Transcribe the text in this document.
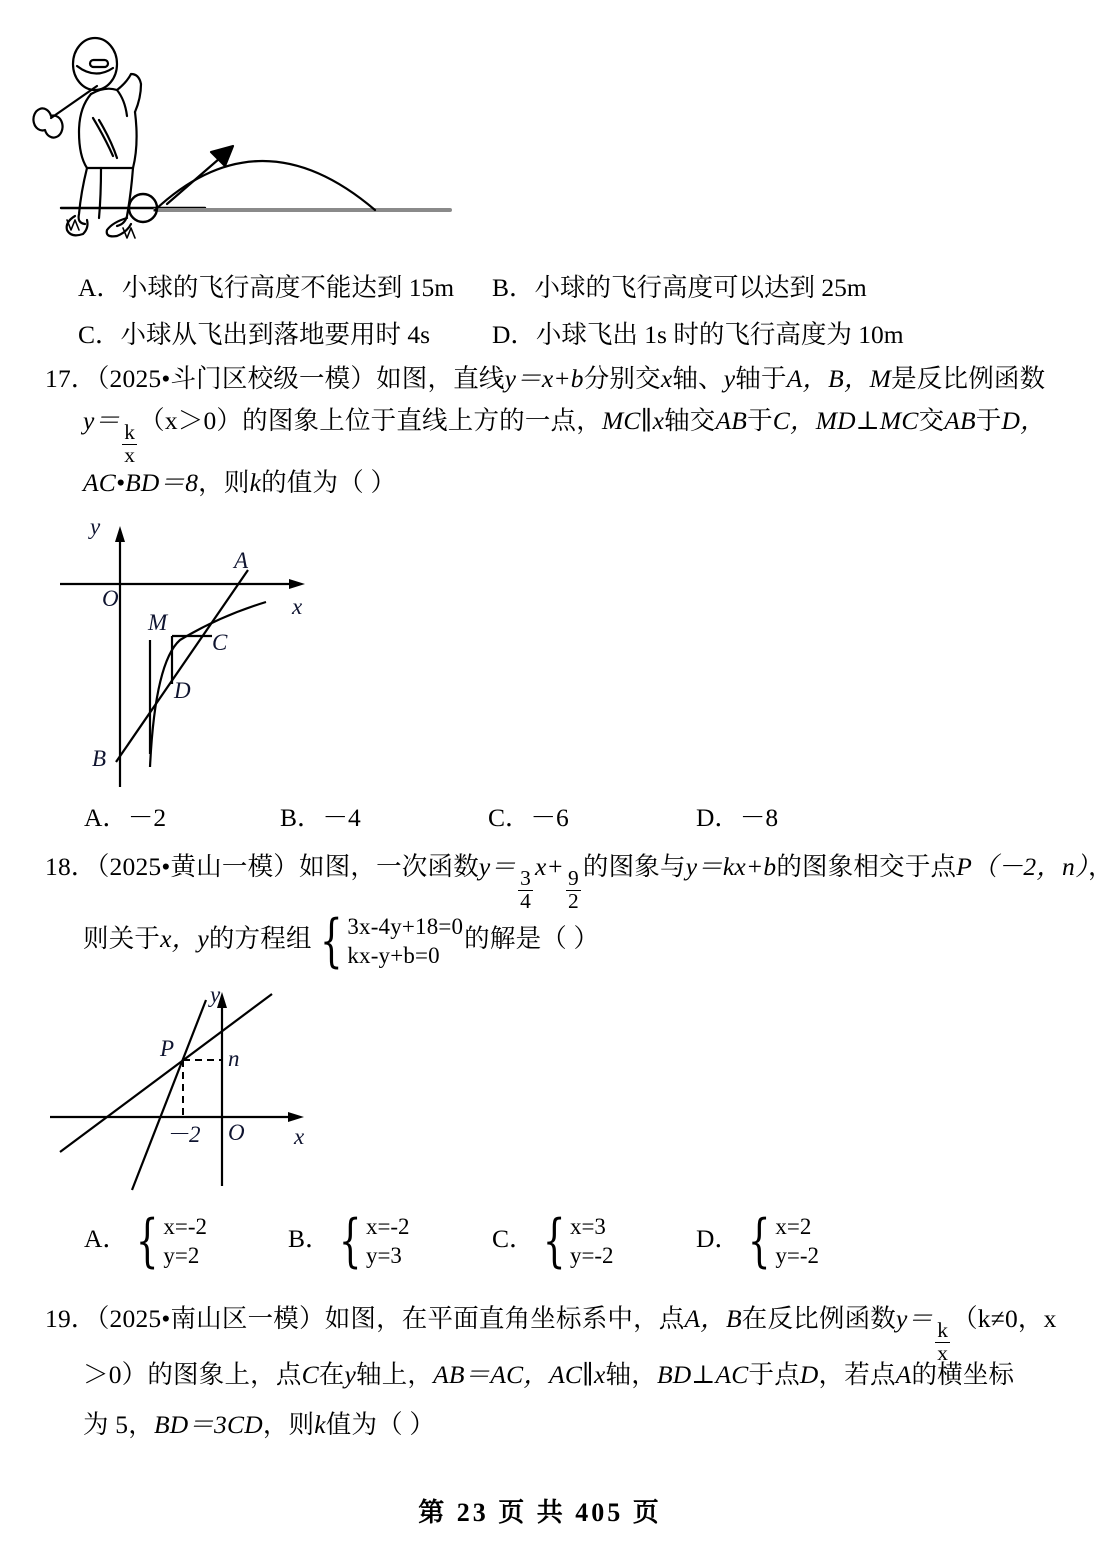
A．小球的飞行高度不能达到 15m B．小球的飞行高度可以达到 25m
C．小球从飞出到落地要用时 4s D．小球飞出 1s 时的飞行高度为 10m
17．（2025•斗门区校级一模）如图，直线y＝x+b分别交x轴、y轴于A，B，M是反比例函数
y＝
$\frac{k}{x}$
（x＞0）的图象上位于直线上方的一点，MC∥x轴交AB于C，MD⊥MC交AB于D，
AC•BD＝8，则k的值为（ ）
y
O	x
A
M
C
D
B
A．－2	B．－4	C．－6	D．－8
18．（2025•黄山一模）如图，一次函数y＝
$\frac{3}{4}$
x+
$\frac{9}{2}$
的图象与y＝kx+b的图象相交于点P（－2，n），
则关于x，y的方程组 { 3x-4y+18=0
kx-y+b=0
的解是（ ）
y
x
O
P n
－2
A． { x=-2
y=2
B． { x=-2
y=3
C． { x=3
y=-2
D． { x=2
y=-2
19．（2025•南山区一模）如图，在平面直角坐标系中，点A，B在反比例函数y＝
$\frac{k}{x}$
（k≠0，x
＞0）的图象上，点C在y轴上，AB＝AC，AC∥x轴，BD⊥AC于点D，若点A的横坐标
为 5，BD＝3CD，则k值为（ ）
第 23 页 共 405 页
